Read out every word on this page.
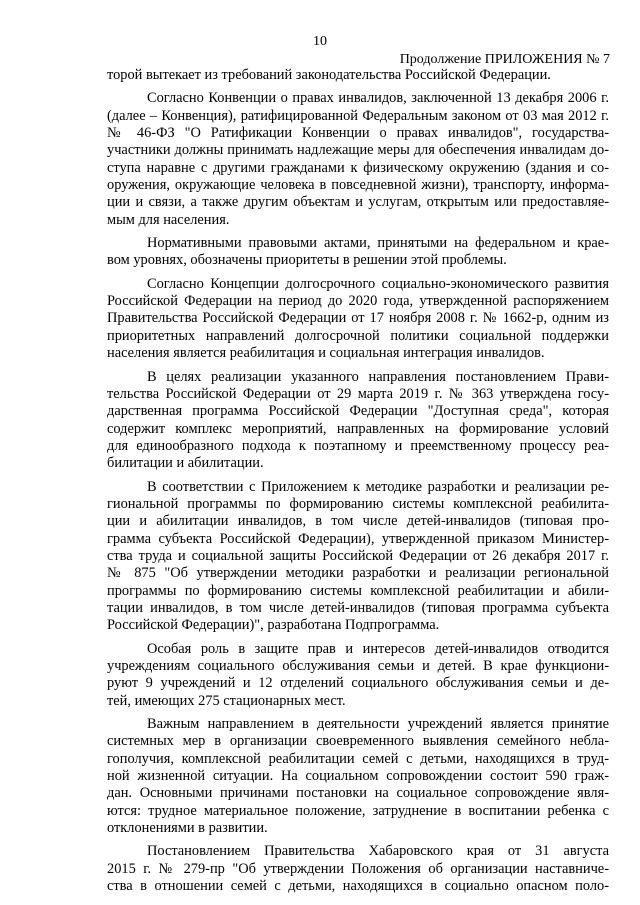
10
Продолжение ПРИЛОЖЕНИЯ № 7
торой вытекает из требований законодательства Российской Федерации.
Согласно Конвенции о правах инвалидов, заключенной 13 декабря 2006 г.
(далее – Конвенция), ратифицированной Федеральным законом от 03 мая 2012 г.
№ 46-ФЗ "О Ратификации Конвенции о правах инвалидов", государства-
участники должны принимать надлежащие меры для обеспечения инвалидам до-
ступа наравне с другими гражданами к физическому окружению (здания и со-
оружения, окружающие человека в повседневной жизни), транспорту, информа-
ции и связи, а также другим объектам и услугам, открытым или предоставляе-
мым для населения.
Нормативными правовыми актами, принятыми на федеральном и крае-
вом уровнях, обозначены приоритеты в решении этой проблемы.
Согласно Концепции долгосрочного социально-экономического развития
Российской Федерации на период до 2020 года, утвержденной распоряжением
Правительства Российской Федерации от 17 ноября 2008 г. № 1662-р, одним из
приоритетных направлений долгосрочной политики социальной поддержки
населения является реабилитация и социальная интеграция инвалидов.
В целях реализации указанного направления постановлением Прави-
тельства Российской Федерации от 29 марта 2019 г. № 363 утверждена госу-
дарственная программа Российской Федерации "Доступная среда", которая
содержит комплекс мероприятий, направленных на формирование условий
для единообразного подхода к поэтапному и преемственному процессу реа-
билитации и абилитации.
В соответствии с Приложением к методике разработки и реализации ре-
гиональной программы по формированию системы комплексной реабилита-
ции и абилитации инвалидов, в том числе детей-инвалидов (типовая про-
грамма субъекта Российской Федерации), утвержденной приказом Министер-
ства труда и социальной защиты Российской Федерации от 26 декабря 2017 г.
№ 875 "Об утверждении методики разработки и реализации региональной
программы по формированию системы комплексной реабилитации и абили-
тации инвалидов, в том числе детей-инвалидов (типовая программа субъекта
Российской Федерации)", разработана Подпрограмма.
Особая роль в защите прав и интересов детей-инвалидов отводится
учреждениям социального обслуживания семьи и детей. В крае функциони-
руют 9 учреждений и 12 отделений социального обслуживания семьи и де-
тей, имеющих 275 стационарных мест.
Важным направлением в деятельности учреждений является принятие
системных мер в организации своевременного выявления семейного небла-
гополучия, комплексной реабилитации семей с детьми, находящихся в труд-
ной жизненной ситуации. На социальном сопровождении состоит 590 граж-
дан. Основными причинами постановки на социальное сопровождение явля-
ются: трудное материальное положение, затруднение в воспитании ребенка с
отклонениями в развитии.
Постановлением Правительства Хабаровского края от 31 августа
2015 г. № 279-пр "Об утверждении Положения об организации наставниче-
ства в отношении семей с детьми, находящихся в социально опасном поло-
